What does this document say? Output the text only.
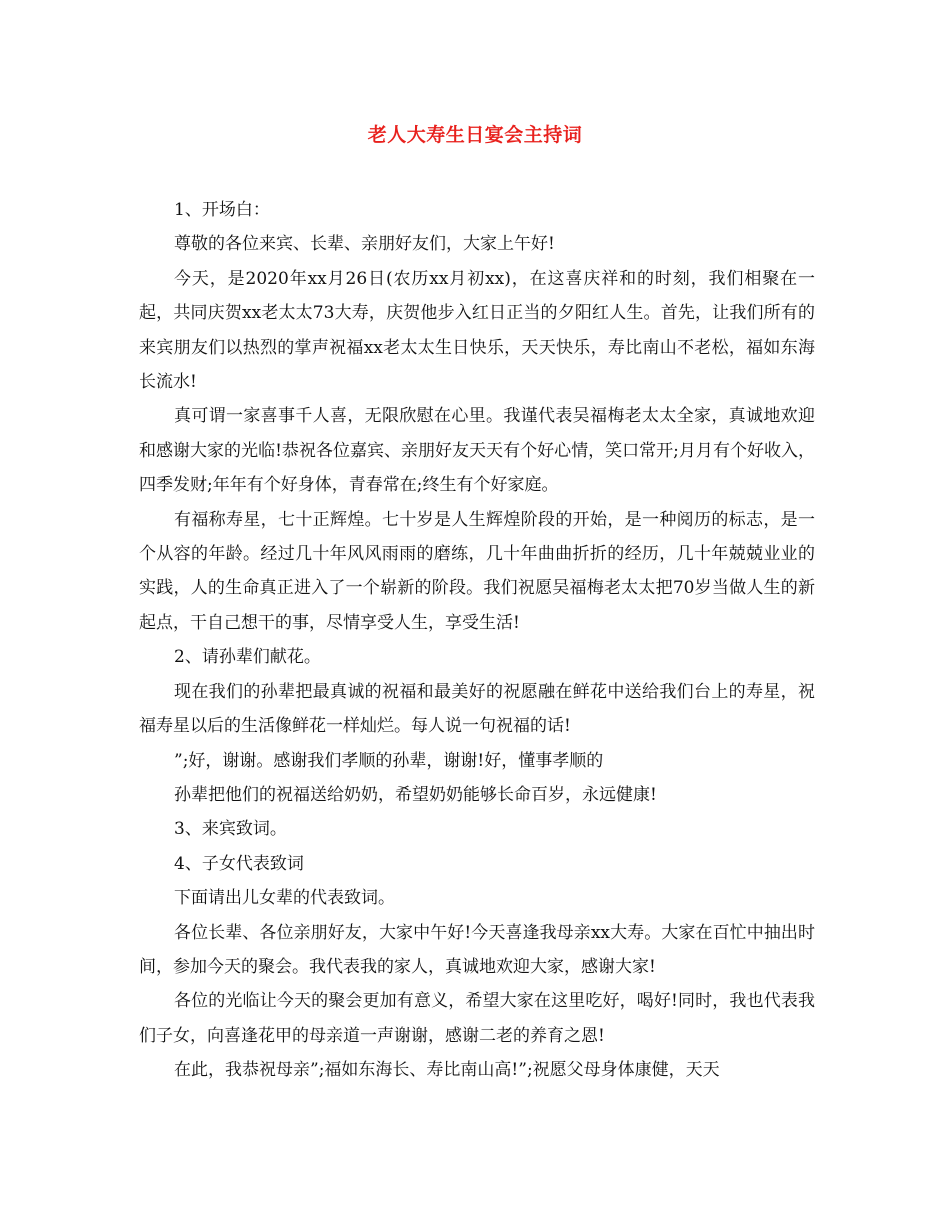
老人大寿生日宴会主持词

1、开场白：

尊敬的各位来宾、长辈、亲朋好友们，大家上午好!

今天，是2020年xx月26日(农历xx月初xx)，在这喜庆祥和的时刻，我们相聚在一起，共同庆贺xx老太太73大寿，庆贺他步入红日正当的夕阳红人生。首先，让我们所有的来宾朋友们以热烈的掌声祝福xx老太太生日快乐，天天快乐，寿比南山不老松，福如东海长流水!

真可谓一家喜事千人喜，无限欣慰在心里。我谨代表吴福梅老太太全家，真诚地欢迎和感谢大家的光临!恭祝各位嘉宾、亲朋好友天天有个好心情，笑口常开;月月有个好收入，四季发财;年年有个好身体，青春常在;终生有个好家庭。

有福称寿星，七十正辉煌。七十岁是人生辉煌阶段的开始，是一种阅历的标志，是一个从容的年龄。经过几十年风风雨雨的磨练，几十年曲曲折折的经历，几十年兢兢业业的实践，人的生命真正进入了一个崭新的阶段。我们祝愿吴福梅老太太把70岁当做人生的新起点，干自己想干的事，尽情享受人生，享受生活!

2、请孙辈们献花。

现在我们的孙辈把最真诚的祝福和最美好的祝愿融在鲜花中送给我们台上的寿星，祝福寿星以后的生活像鲜花一样灿烂。每人说一句祝福的话!

”;好，谢谢。感谢我们孝顺的孙辈，谢谢!好，懂事孝顺的

孙辈把他们的祝福送给奶奶，希望奶奶能够长命百岁，永远健康!

3、来宾致词。

4、子女代表致词

下面请出儿女辈的代表致词。

各位长辈、各位亲朋好友，大家中午好!今天喜逢我母亲xx大寿。大家在百忙中抽出时间，参加今天的聚会。我代表我的家人，真诚地欢迎大家，感谢大家!

各位的光临让今天的聚会更加有意义，希望大家在这里吃好，喝好!同时，我也代表我们子女，向喜逢花甲的母亲道一声谢谢，感谢二老的养育之恩!

在此，我恭祝母亲”;福如东海长、寿比南山高!”;祝愿父母身体康健，天天
